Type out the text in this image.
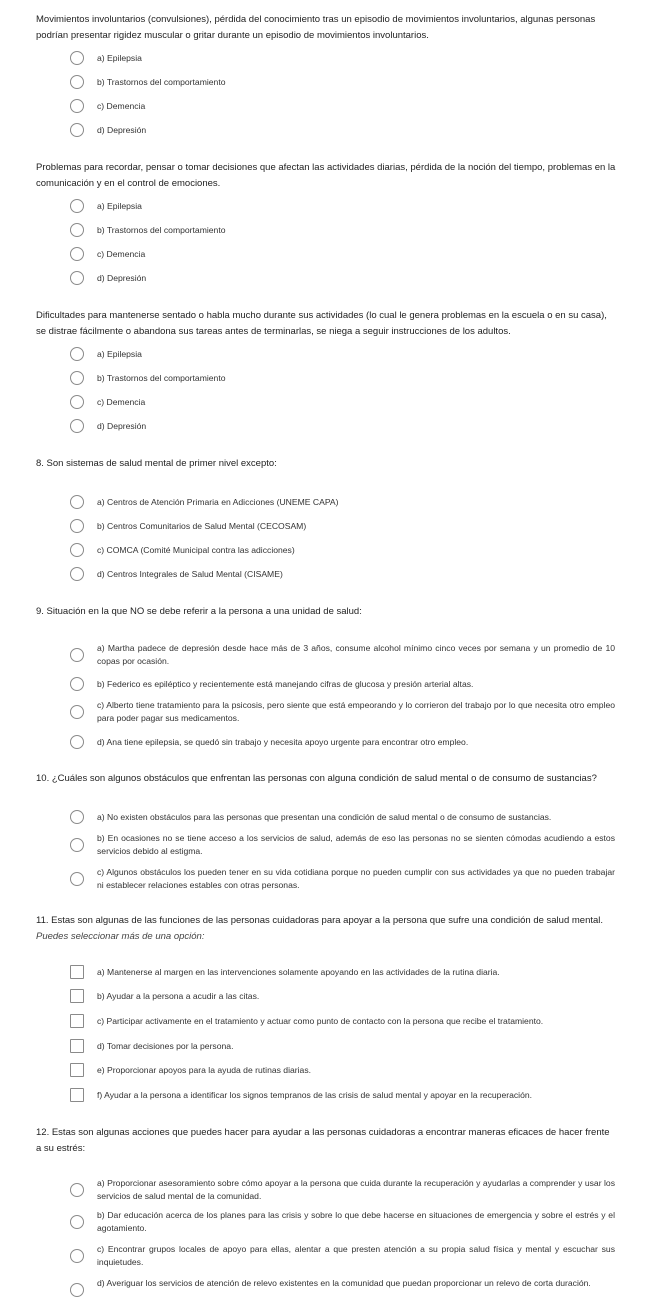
Movimientos involuntarios (convulsiones), pérdida del conocimiento tras un episodio de movimientos involuntarios, algunas personas podrían presentar rigidez muscular o gritar durante un episodio de movimientos involuntarios.
a) Epilepsia
b) Trastornos del comportamiento
c) Demencia
d) Depresión
Problemas para recordar, pensar o tomar decisiones que afectan las actividades diarias, pérdida de la noción del tiempo, problemas en la comunicación y en el control de emociones.
a) Epilepsia
b) Trastornos del comportamiento
c) Demencia
d) Depresión
Dificultades para mantenerse sentado o habla mucho durante sus actividades (lo cual le genera problemas en la escuela o en su casa), se distrae fácilmente o abandona sus tareas antes de terminarlas, se niega a seguir instrucciones de los adultos.
a) Epilepsia
b) Trastornos del comportamiento
c) Demencia
d) Depresión
8. Son sistemas de salud mental de primer nivel excepto:
a) Centros de Atención Primaria en Adicciones (UNEME CAPA)
b) Centros Comunitarios de Salud Mental (CECOSAM)
c) COMCA (Comité Municipal contra las adicciones)
d) Centros Integrales de Salud Mental (CISAME)
9. Situación en la que NO se debe referir a la persona a una unidad de salud:
a) Martha padece de depresión desde hace más de 3 años, consume alcohol mínimo cinco veces por semana y un promedio de 10 copas por ocasión.
b) Federico es epiléptico y recientemente está manejando cifras de glucosa y presión arterial altas.
c) Alberto tiene tratamiento para la psicosis, pero siente que está empeorando y lo corrieron del trabajo por lo que necesita otro empleo para poder pagar sus medicamentos.
d) Ana tiene epilepsia, se quedó sin trabajo y necesita apoyo urgente para encontrar otro empleo.
10. ¿Cuáles son algunos obstáculos que enfrentan las personas con alguna condición de salud mental o de consumo de sustancias?
a) No existen obstáculos para las personas que presentan una condición de salud mental o de consumo de sustancias.
b) En ocasiones no se tiene acceso a los servicios de salud, además de eso las personas no se sienten cómodas acudiendo a estos servicios debido al estigma.
c) Algunos obstáculos los pueden tener en su vida cotidiana porque no pueden cumplir con sus actividades ya que no pueden trabajar ni establecer relaciones estables con otras personas.
11. Estas son algunas de las funciones de las personas cuidadoras para apoyar a la persona que sufre una condición de salud mental.
Puedes seleccionar más de una opción:
a) Mantenerse al margen en las intervenciones solamente apoyando en las actividades de la rutina diaria.
b) Ayudar a la persona a acudir a las citas.
c) Participar activamente en el tratamiento y actuar como punto de contacto con la persona que recibe el tratamiento.
d) Tomar decisiones por la persona.
e) Proporcionar apoyos para la ayuda de rutinas diarias.
f) Ayudar a la persona a identificar los signos tempranos de las crisis de salud mental y apoyar en la recuperación.
12. Estas son algunas acciones que puedes hacer para ayudar a las personas cuidadoras a encontrar maneras eficaces de hacer frente a su estrés:
a) Proporcionar asesoramiento sobre cómo apoyar a la persona que cuida durante la recuperación y ayudarlas a comprender y usar los servicios de salud mental de la comunidad.
b) Dar educación acerca de los planes para las crisis y sobre lo que debe hacerse en situaciones de emergencia y sobre el estrés y el agotamiento.
c) Encontrar grupos locales de apoyo para ellas, alentar a que presten atención a su propia salud física y mental y escuchar sus inquietudes.
d) Averiguar los servicios de atención de relevo existentes en la comunidad que puedan proporcionar un relevo de corta duración.
